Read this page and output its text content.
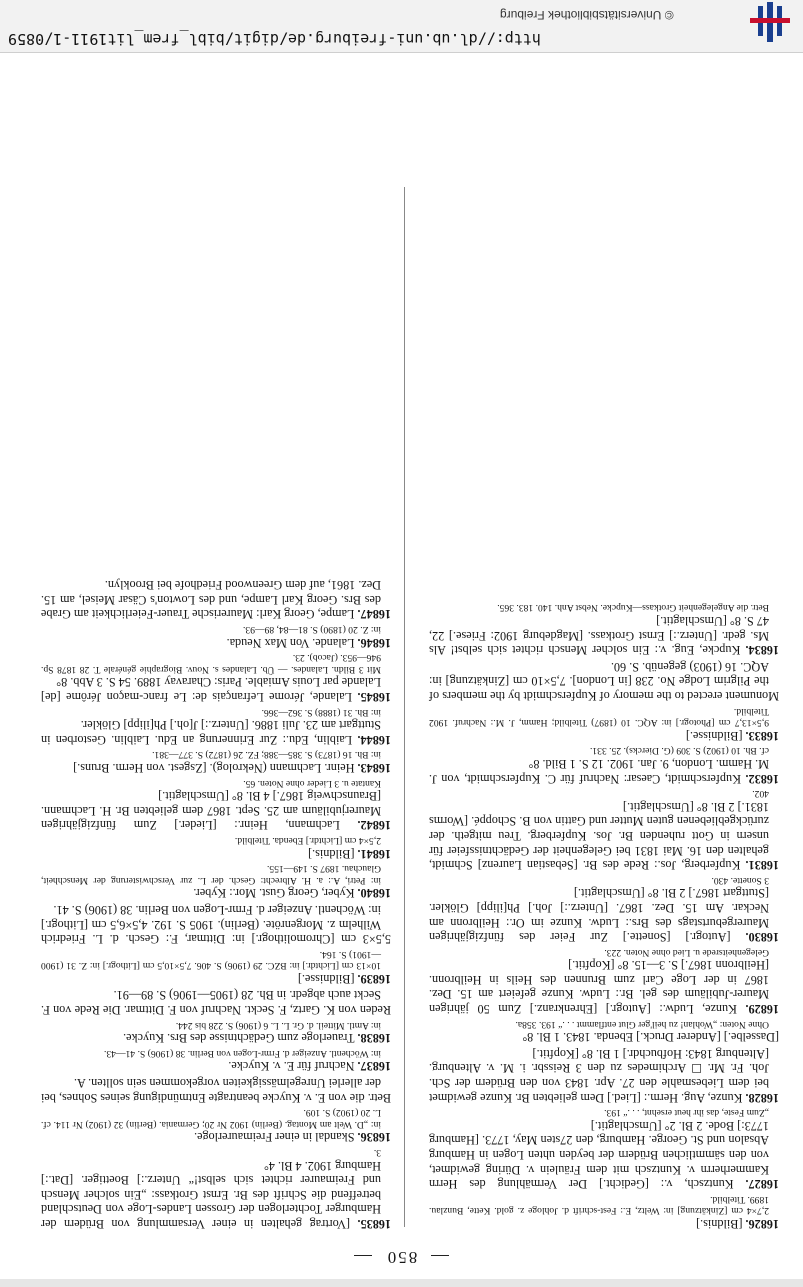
http://dl.ub.uni-freiburg.de/digit/bibl_frem_lit1911-1/0859
© Universitätsbibliothek Freiburg
850

16826. [Bildnis.]
2,7×4 cm [Zinkätzung] in: Weltz, E.: Fest-schrift d. Johloge z. gold. Kette, Bunzlau. 1899. Titelbild.

16827. Kuntzsch, v.: [Gedicht.] Der Vermählung des Herrn Kammerherrn v. Kuntzsch mit dem Fräulein v. Düring gewidmet, von den sämmtlichen Brüdern der beyden uhten Logen in Hamburg Absalon und St. George. Hamburg, den 27sten May, 1773. [Hamburg 1773:] Bode. 2 Bl. 2° [Umschlagtit.]
„Zum Feste, das ihr heut ersehnt, . . .“ 193.

16828. Kunze, Aug. Herm.: [Lied.] Dem geliebten Br. Kunze gewidmet bei dem Liebesmahle den 27. Apr. 1843 von den Brüdern der Sch. Joh. Fr. Mr. ☐ Archimedes zu den 3 Reissbr. i. M. v. Altenburg. [Altenburg 1843: Hofbuchdr.] 1 Bl. 8° [Kopftit.]

[Dasselbe.] [Anderer Druck.] Ebenda. 1843. 1 Bl. 8°
Ohne Noten: „Wohlan! zu heil'ger Glut entflammt . . .“ 193. 358a.

16829. Kunze, Ludw.: [Autogr.] [Ehrenkranz.] Zum 50 jährigen Maurer-Jubiläum des gel. Br.: Ludw. Kunze gefeiert am 15. Dez. 1867 in der Loge Carl zum Brunnen des Heils in Heilbronn. [Heilbronn 1867.] S. 3—15. 8° [Kopftit.]
Gelegenheitsrede u. Lied ohne Noten. 223.

16830. [Autogr.] [Sonette.] Zur Feier des fünfzigjährigen Maurergeburtstags des Brs.: Ludw. Kunze im Or.: Heilbronn am Neckar. Am 15. Dez. 1867. [Unterz.:] Joh.] Ph[ilipp] Glökler. [Stuttgart 1867.] 2 Bl. 8° [Umschlagtit.]
3 Sonette. 430.

16831. Kupferberg, Jos.: Rede des Br. [Sebastian Laurenz] Schmidt, gehalten den 16. Mai 1831 bei Gelegenheit der Gedächtnissfeier für unsern in Gott ruhenden Br. Jos. Kupferberg. Treu mitgeth. der zurückgebliebenen guten Mutter und Gattin von B. Schoppé. [Worms 1831.] 2 Bl. 8° [Umschlagtit.]
402.

16832. Kupferschmidt, Caesar: Nachruf für C. Kupferschmidt, von J. M. Hamm. London, 9. Jan. 1902. 12 S. 1 Bild. 8°
cf. Bh. 10 (1902) S. 309 (G. Diercks). 25. 331.

16833. [Bildnisse.]
9,5×13,7 cm [Photogr.] in: AQC. 10 (1897) Titelbild; Hamm, J. M.: Nachruf. 1902 Titelbild.

Monument erected to the memory of Kupferschmidt by the members of the Pilgrim Lodge No. 238 [in London]. 7,5×10 cm [Zinkätzung] in: AQC. 16 (1903) gegenüb. S. 60.

16834. Kupcke, Eug. v.: Ein solcher Mensch richtet sich selbst! Als Ms. gedr. [Unterz.:] Ernst Grotkass. [Magdeburg 1902: Friese.] 22, 47 S. 8° [Umschlagtit.]
Betr. die Angelegenheit Grotkass—Kupcke. Nebst Anh. 140. 183. 365.

16835. [Vortrag gehalten in einer Versammlung von Brüdern der Hamburger Tochterlogen der Grossen Landes-Loge von Deutschland betreffend die Schrift des Br. Ernst Grotkass: „Ein solcher Mensch und Freimaurer richtet sich selbst!“ Unterz.:] Boettiger. [Dat.:] Hamburg 1902. 4 Bl. 4°
3.

16836. Skandal in einer Freimaurerloge.
in: „D. Welt am Montag. (Berlin) 1902 Nr 20; Germania. (Berlin) 32 (1902) Nr 114. cf. L. 20 (1902) S. 109.

Betr. die von E. v. Kuycke beantragte Entmündigung seines Sohnes, bei der allerlei Unregelmässigkeiten vorgekommen sein sollten. A.

16837. Nachruf für E. v. Kuycke.
in: Wöchentl. Anzeiger d. Frmr-Logen von Berlin. 38 (1906) S. 41—43.

16838. Trauerloge zum Gedächtnisse des Brs. Kuycke.
in: Amtl. Mitteil. d. Gr. L. L. 6 (1906) S. 228 bis 244.

Reden von K. Gartz, F. Seckt. Nachruf von F. Dittmar. Die Rede von F. Seckt auch abgedr. in Bh. 28 (1905—1906) S. 89—91.

16839. [Bildnisse.]
10×13 cm [Lichtdr.] in: BZC. 29 (1906) S. 406. 7,5×10,5 cm [Lithogr.] in: Z. 31 (1900—1901) S. 164.

5,5×3 cm [Chromolithogr.] in: Dittmar, F.: Gesch. d. L. Friedrich Wilhelm z. Morgenröte. (Berlin). 1905 S. 192. 4,5×6,5 cm [Lithogr.] in: Wöchentl. Anzeiger d. Frmr-Logen von Berlin. 38 (1906) S. 41.

16840. Kyber, Georg Gust. Mor.: Kyber.
in: Petri, A.: a. H. Albrecht: Gesch. der L. zur Verschwisterung der Menschheit, Glauchau. 1897 S. 149—155.

16841. [Bildnis.]
2,5×4 cm [Lichtdr.] Ebenda. Titelbild.

16842. Lachmann, Heinr.: [Lieder.] Zum fünfzigjährigen Maurerjubiläum am 25. Sept. 1867 dem geliebten Br. H. Lachmann. [Braunschweig 1867.] 4 Bl. 8° [Umschlagtit.]
Kantate u. 3 Lieder ohne Noten. 65.

16843. Heinr. Lachmann (Nekrolog). [Zsgest. von Herm. Bruns.]
in: Bh. 16 (1873) S. 385—388; FZ. 26 (1872) S. 377—381.

16844. Laiblin, Edu.: Zur Erinnerung an Edu. Laiblin. Gestorben in Stuttgart am 23. Juli 1886. [Unterz.:] J[oh.] Ph[ilipp] Glökler.
in: Bh. 31 (1888) S. 362—366.

16845. Lalande, Jérome Lefrançais de: Le franc-maçon Jérôme [de] Lalande par Louis Amiable. Paris: Charavay 1889. 54 S. 3 Abb. 8°
Mit 3 Bildn. Lalandes. — Üb. Lalandes s. Nouv. Biographie générale T. 28 1878 Sp. 946—953. (Jacob). 23.

16846. Lalande. Von Max Neuda.
in: Z. 20 (1890) S. 81—84, 89—93.

16847. Lampe, Georg Karl: Maurerische Trauer-Feierlichkeit am Grabe des Brs. Georg Karl Lampe, und des Lowton's Cäsar Meisel, am 15. Dez. 1861, auf dem Greenwood Friedhofe bei Brooklyn.
